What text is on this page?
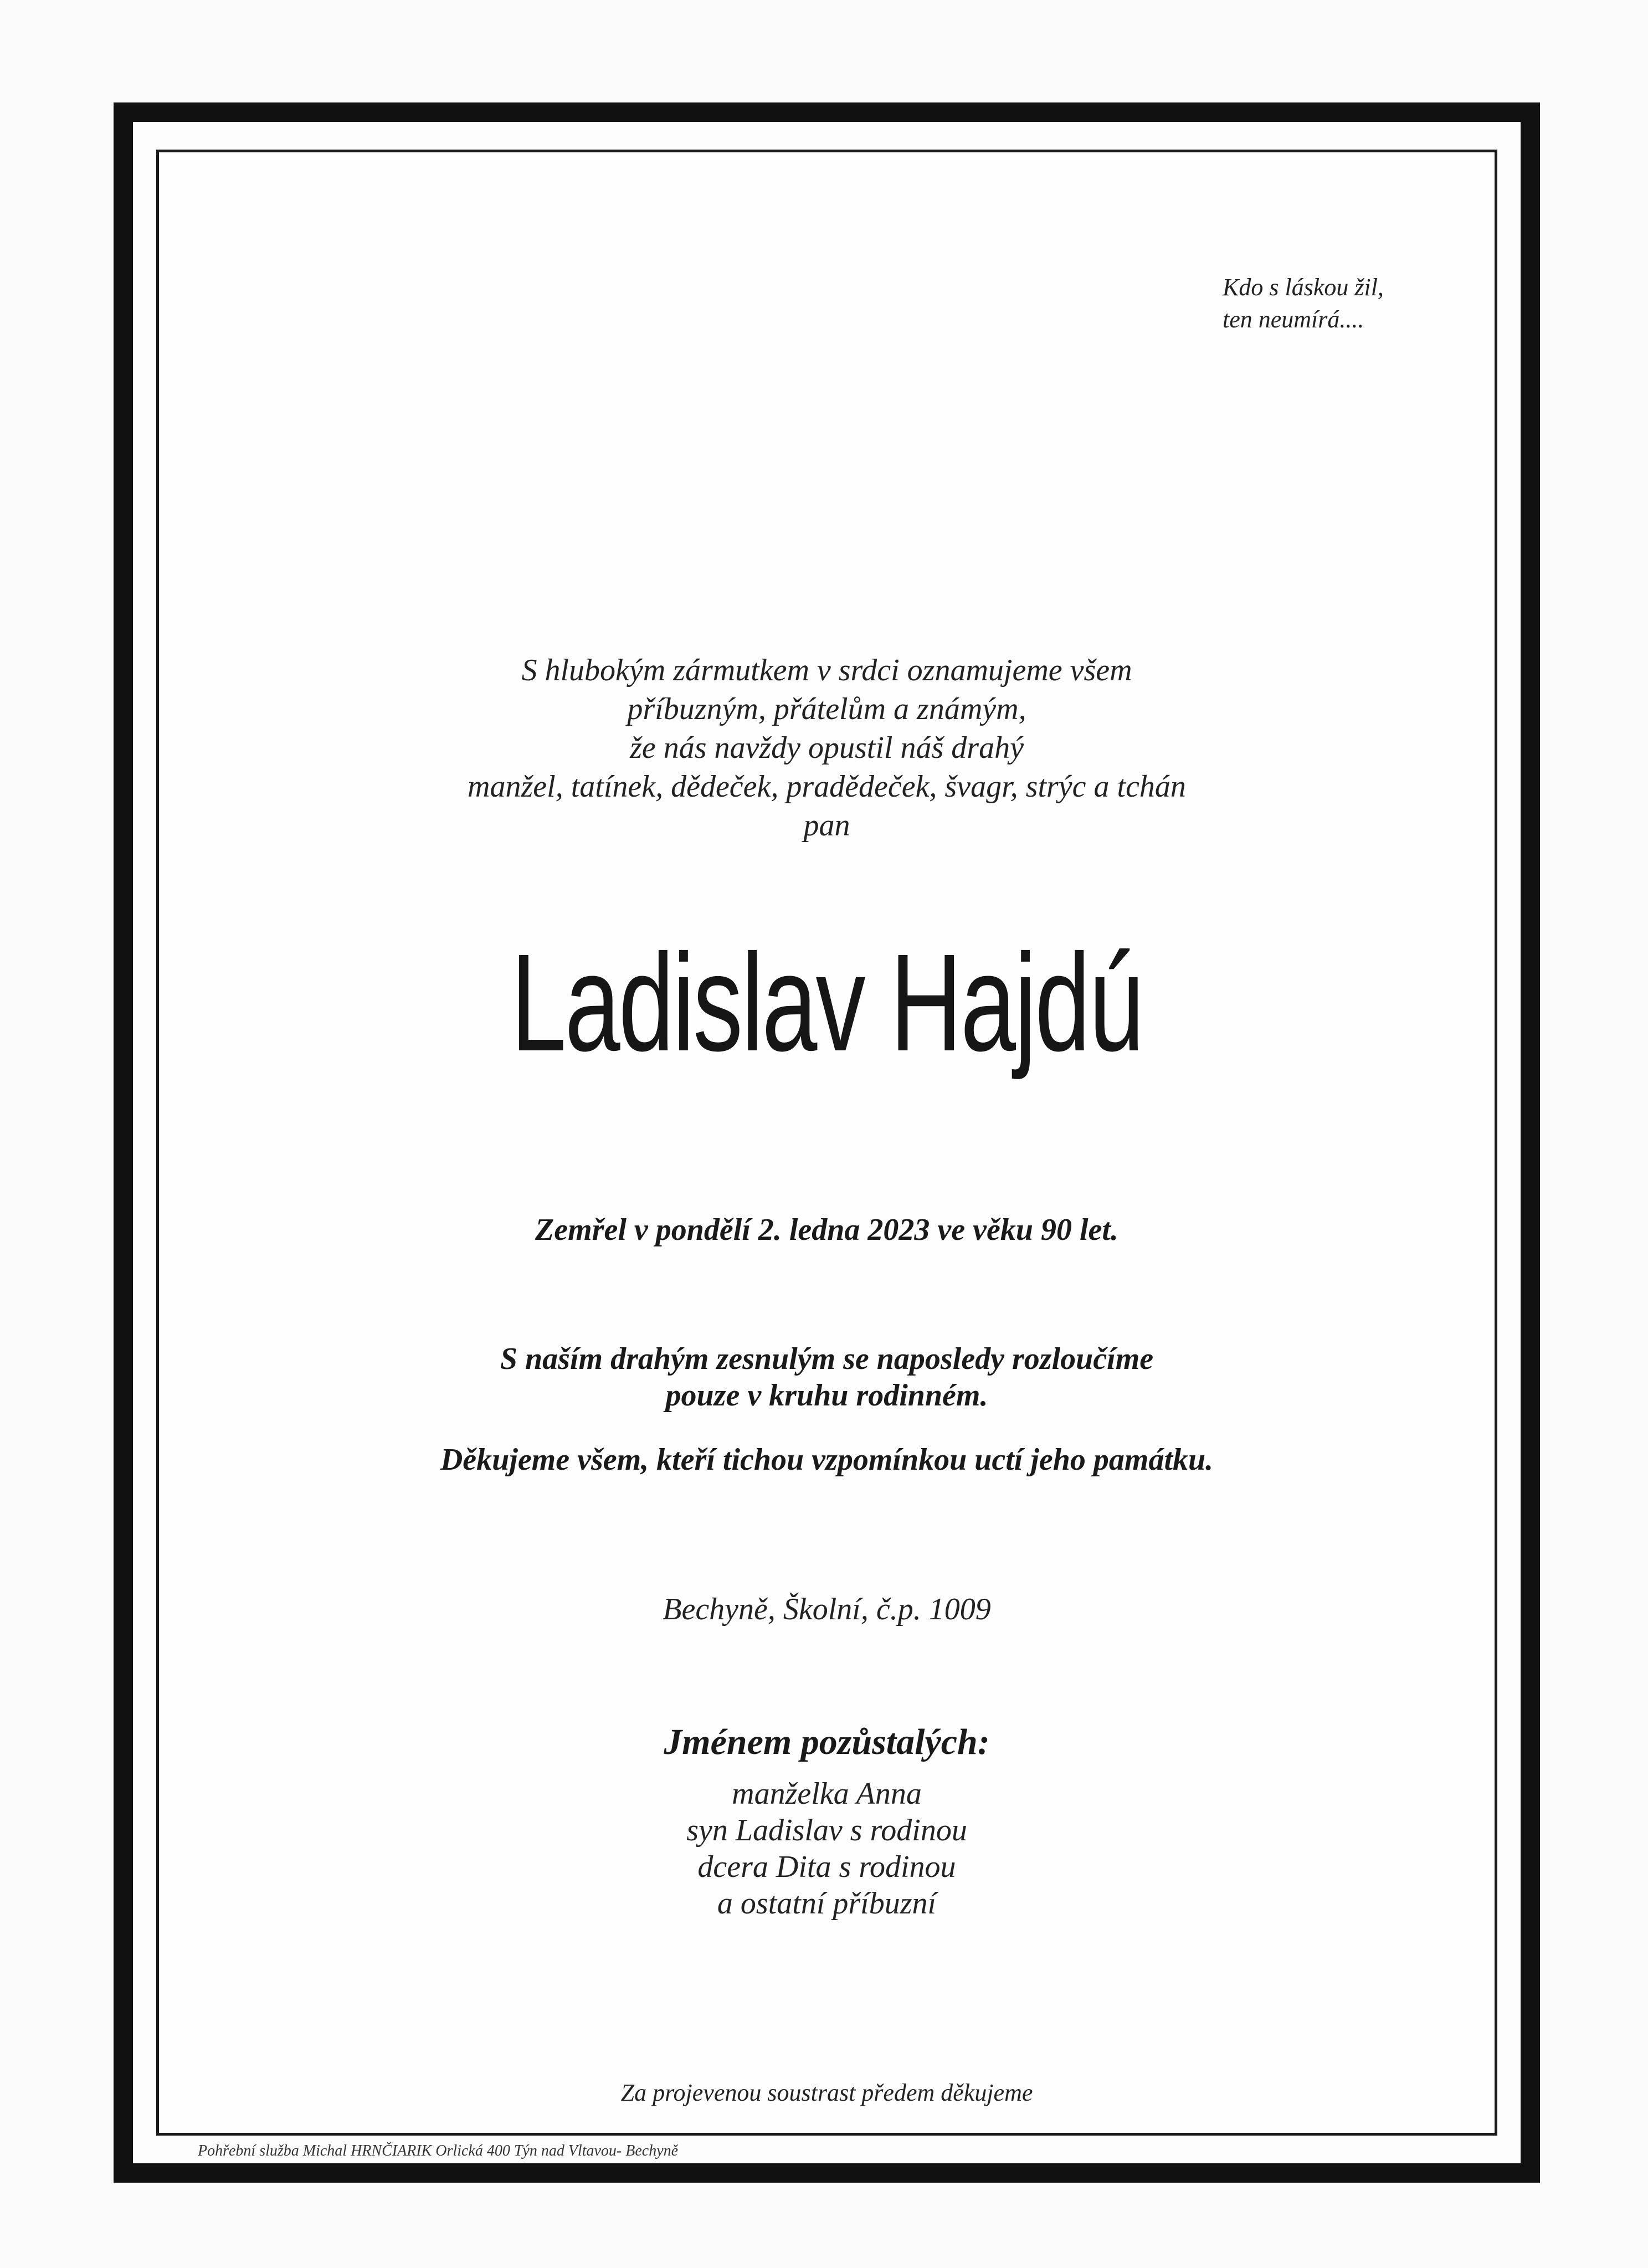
Kdo s láskou žil,
ten neumírá....
S hlubokým zármutkem v srdci oznamujeme všem
příbuzným, přátelům a známým,
že nás navždy opustil náš drahý
manžel, tatínek, dědeček, pradědeček, švagr, strýc a tchán
pan
Ladislav Hajdú
Zemřel v pondělí 2. ledna 2023 ve věku 90 let.
S naším drahým zesnulým se naposledy rozloučíme
pouze v kruhu rodinném.
Děkujeme všem, kteří tichou vzpomínkou uctí jeho památku.
Bechyně, Školní, č.p. 1009
Jménem pozůstalých:
manželka Anna
syn Ladislav s rodinou
dcera Dita s rodinou
a ostatní příbuzní
Za projevenou soustrast předem děkujeme
Pohřební služba Michal HRNČIARIK Orlická 400 Týn nad Vltavou- Bechyně
